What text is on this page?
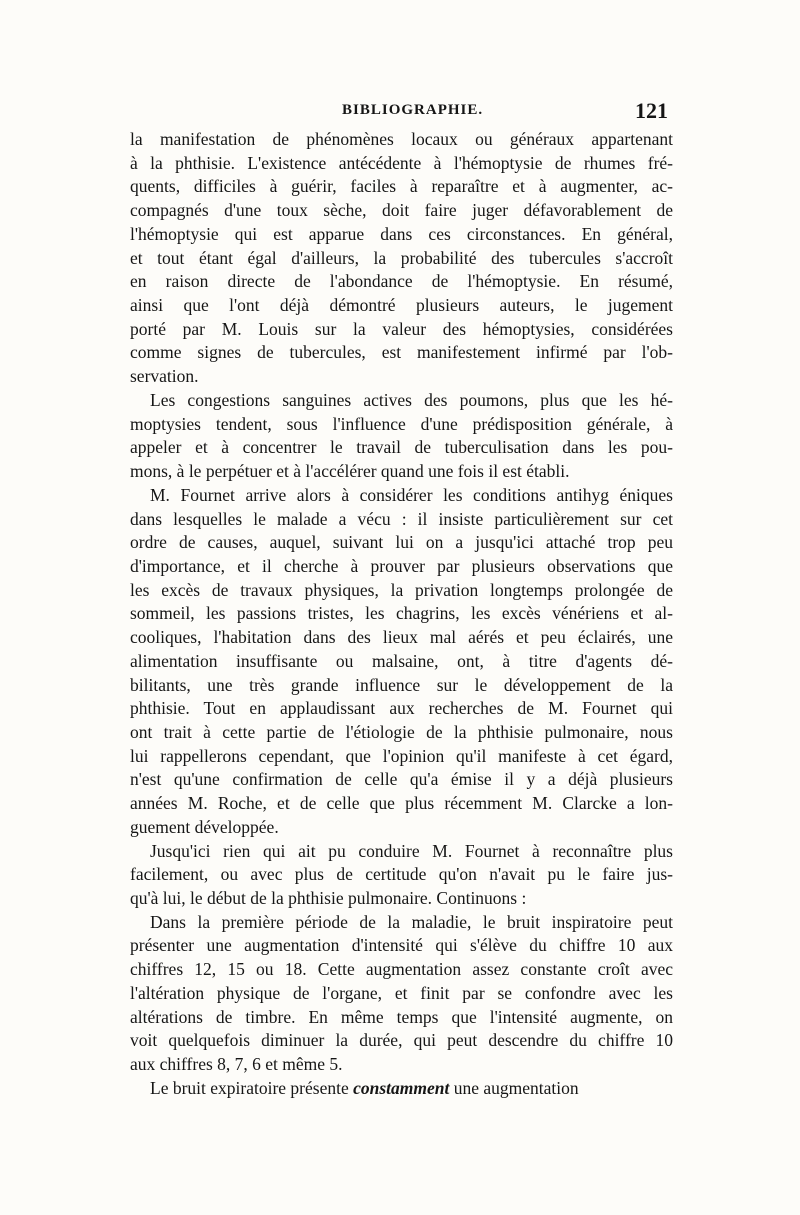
BIBLIOGRAPHIE.	121

la manifestation de phénomènes locaux ou généraux appartenant
à la phthisie. L'existence antécédente à l'hémoptysie de rhumes fré-
quents, difficiles à guérir, faciles à reparaître et à augmenter, ac-
compagnés d'une toux sèche, doit faire juger défavorablement de
l'hémoptysie qui est apparue dans ces circonstances. En général,
et tout étant égal d'ailleurs, la probabilité des tubercules s'accroît
en raison directe de l'abondance de l'hémoptysie. En résumé,
ainsi que l'ont déjà démontré plusieurs auteurs, le jugement
porté par M. Louis sur la valeur des hémoptysies, considérées
comme signes de tubercules, est manifestement infirmé par l'ob-
servation.

Les congestions sanguines actives des poumons, plus que les hé-
moptysies tendent, sous l'influence d'une prédisposition générale, à
appeler et à concentrer le travail de tuberculisation dans les pou-
mons, à le perpétuer et à l'accélérer quand une fois il est établi.

M. Fournet arrive alors à considérer les conditions antihyg éniques
dans lesquelles le malade a vécu : il insiste particulièrement sur cet
ordre de causes, auquel, suivant lui on a jusqu'ici attaché trop peu
d'importance, et il cherche à prouver par plusieurs observations que
les excès de travaux physiques, la privation longtemps prolongée de
sommeil, les passions tristes, les chagrins, les excès vénériens et al-
cooliques, l'habitation dans des lieux mal aérés et peu éclairés, une
alimentation insuffisante ou malsaine, ont, à titre d'agents dé-
bilitants, une très grande influence sur le développement de la
phthisie. Tout en applaudissant aux recherches de M. Fournet qui
ont trait à cette partie de l'étiologie de la phthisie pulmonaire, nous
lui rappellerons cependant, que l'opinion qu'il manifeste à cet égard,
n'est qu'une confirmation de celle qu'a émise il y a déjà plusieurs
années M. Roche, et de celle que plus récemment M. Clarcke a lon-
guement développée.

Jusqu'ici rien qui ait pu conduire M. Fournet à reconnaître plus
facilement, ou avec plus de certitude qu'on n'avait pu le faire jus-
qu'à lui, le début de la phthisie pulmonaire. Continuons :

Dans la première période de la maladie, le bruit inspiratoire peut
présenter une augmentation d'intensité qui s'élève du chiffre 10 aux
chiffres 12, 15 ou 18. Cette augmentation assez constante croît avec
l'altération physique de l'organe, et finit par se confondre avec les
altérations de timbre. En même temps que l'intensité augmente, on
voit quelquefois diminuer la durée, qui peut descendre du chiffre 10
aux chiffres 8, 7, 6 et même 5.

Le bruit expiratoire présente constamment une augmentation
